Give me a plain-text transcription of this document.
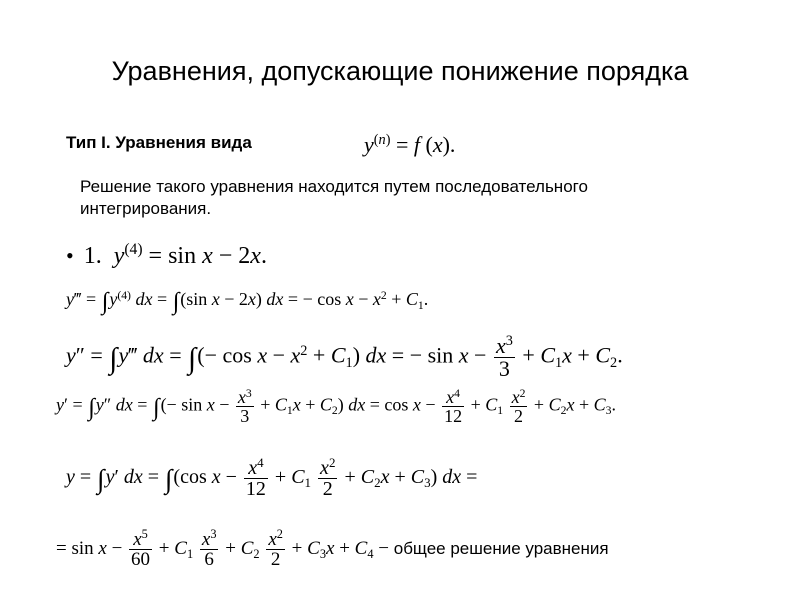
Уравнения, допускающие понижение порядка
Тип I. Уравнения вида	$y^{(n)} = f$ (x).
Решение такого уравнения находится путем последовательного интегрирования.
• 1. $y^{(4)} = \sin x - 2x$.
y‴ = $\int y^{(4)}$ dx = ∫(sin x − 2x) dx = − $\cos x - x^2 + C_1$.
y″ = ∫y‴ dx = ∫(− $\cos x - x^2 + C_1$) dx = − $\sin x - \frac{x^3}{3} + C_1x + C_2$.
y′ = ∫y″ dx = ∫(− $\sin x - \frac{x^3}{3} + C_1x + C_2$) dx = $\cos x - \frac{x^4}{12} + C_1 \frac{x^2}{2} + C_2x + C_3$.
y = ∫y′ dx = ∫(cos $x - \frac{x^4}{12} + C_1 \frac{x^2}{2} + C_2x + C_3$) dx =
= $\sin x - \frac{x^5}{60} + C_1 \frac{x^3}{6} + C_2 \frac{x^2}{2} + C_3x + C_4$ − общее решение уравнения
